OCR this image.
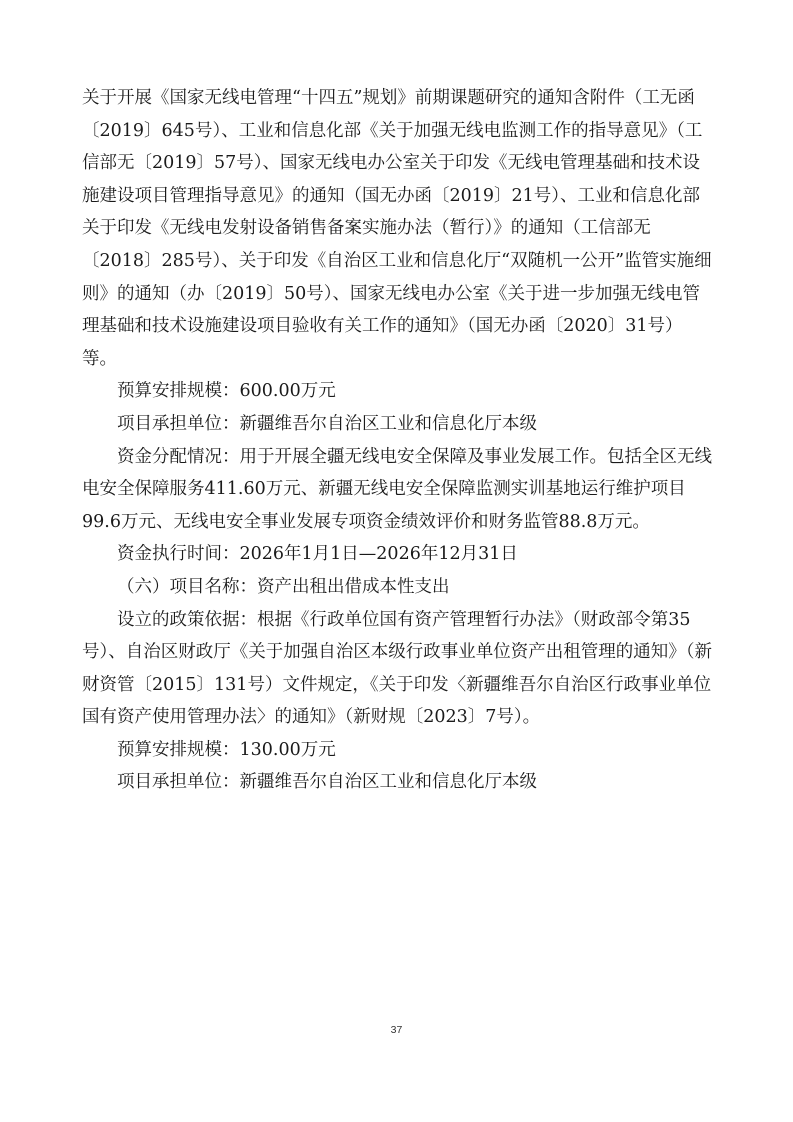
关于开展《国家无线电管理“十四五”规划》前期课题研究的通知含附件（工无函〔2019〕645号）、工业和信息化部《关于加强无线电监测工作的指导意见》（工信部无〔2019〕57号）、国家无线电办公室关于印发《无线电管理基础和技术设施建设项目管理指导意见》的通知（国无办函〔2019〕21号）、工业和信息化部关于印发《无线电发射设备销售备案实施办法（暂行）》的通知（工信部无〔2018〕285号）、关于印发《自治区工业和信息化厅“双随机一公开”监管实施细则》的通知（办〔2019〕50号）、国家无线电办公室《关于进一步加强无线电管理基础和技术设施建设项目验收有关工作的通知》（国无办函〔2020〕31号）等。

预算安排规模：600.00万元

项目承担单位：新疆维吾尔自治区工业和信息化厅本级

资金分配情况：用于开展全疆无线电安全保障及事业发展工作。包括全区无线电安全保障服务411.60万元、新疆无线电安全保障监测实训基地运行维护项目99.6万元、无线电安全事业发展专项资金绩效评价和财务监管88.8万元。

资金执行时间：2026年1月1日—2026年12月31日

（六）项目名称：资产出租出借成本性支出

设立的政策依据：根据《行政单位国有资产管理暂行办法》（财政部令第35号）、自治区财政厅《关于加强自治区本级行政事业单位资产出租管理的通知》（新财资管〔2015〕131号）文件规定，《关于印发〈新疆维吾尔自治区行政事业单位国有资产使用管理办法〉的通知》（新财规〔2023〕7号）。

预算安排规模：130.00万元

项目承担单位：新疆维吾尔自治区工业和信息化厅本级

37
